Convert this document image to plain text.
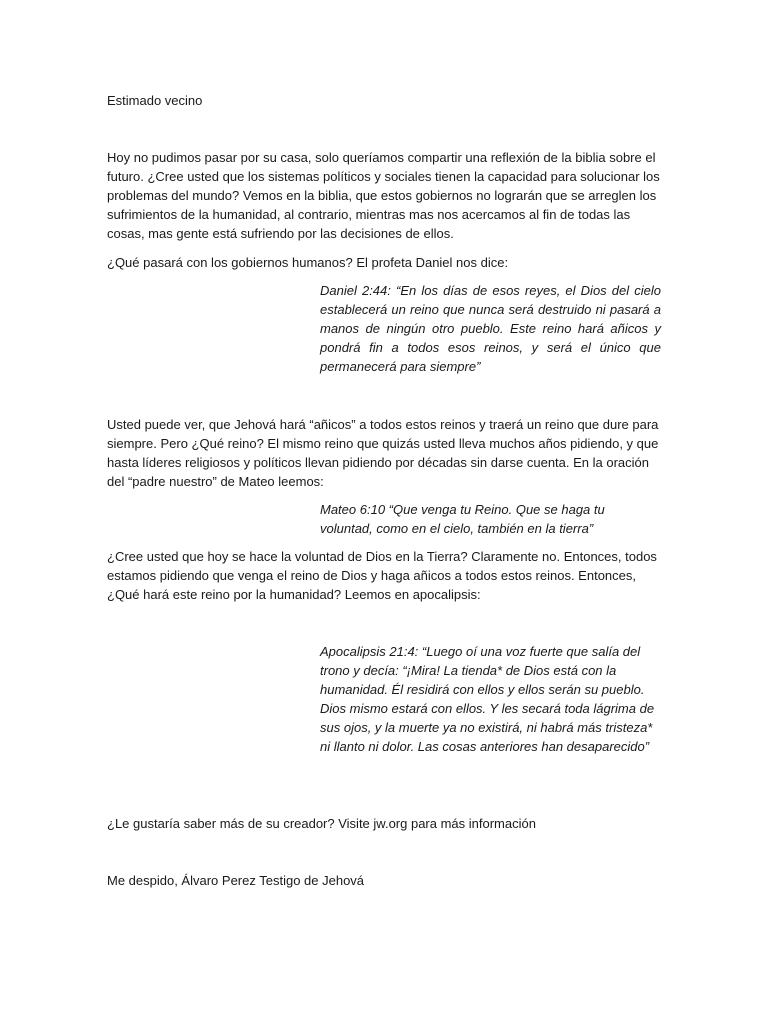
Estimado vecino

Hoy no pudimos pasar por su casa, solo queríamos compartir una reflexión de la biblia sobre el futuro. ¿Cree usted que los sistemas políticos y sociales tienen la capacidad para solucionar los problemas del mundo? Vemos en la biblia, que estos gobiernos no lograrán que se arreglen los sufrimientos de la humanidad, al contrario, mientras mas nos acercamos al fin de todas las cosas, mas gente está sufriendo por las decisiones de ellos.

¿Qué pasará con los gobiernos humanos? El profeta Daniel nos dice:

Daniel 2:44: “En los días de esos reyes, el Dios del cielo establecerá un reino que nunca será destruido ni pasará a manos de ningún otro pueblo. Este reino hará añicos y pondrá fin a todos esos reinos, y será el único que permanecerá para siempre”

Usted puede ver, que Jehová hará “añicos” a todos estos reinos y traerá un reino que dure para siempre. Pero ¿Qué reino? El mismo reino que quizás usted lleva muchos años pidiendo, y que hasta líderes religiosos y políticos llevan pidiendo por décadas sin darse cuenta. En la oración del “padre nuestro” de Mateo leemos:

Mateo 6:10 “Que venga tu Reino. Que se haga tu voluntad, como en el cielo, también en la tierra”

¿Cree usted que hoy se hace la voluntad de Dios en la Tierra? Claramente no. Entonces, todos estamos pidiendo que venga el reino de Dios y haga añicos a todos estos reinos. Entonces, ¿Qué hará este reino por la humanidad? Leemos en apocalipsis:

Apocalipsis 21:4: “Luego oí una voz fuerte que salía del trono y decía: “¡Mira! La tienda* de Dios está con la humanidad. Él residirá con ellos y ellos serán su pueblo. Dios mismo estará con ellos. Y les secará toda lágrima de sus ojos, y la muerte ya no existirá, ni habrá más tristeza* ni llanto ni dolor. Las cosas anteriores han desaparecido”

¿Le gustaría saber más de su creador? Visite jw.org para más información

Me despido, Álvaro Perez Testigo de Jehová
